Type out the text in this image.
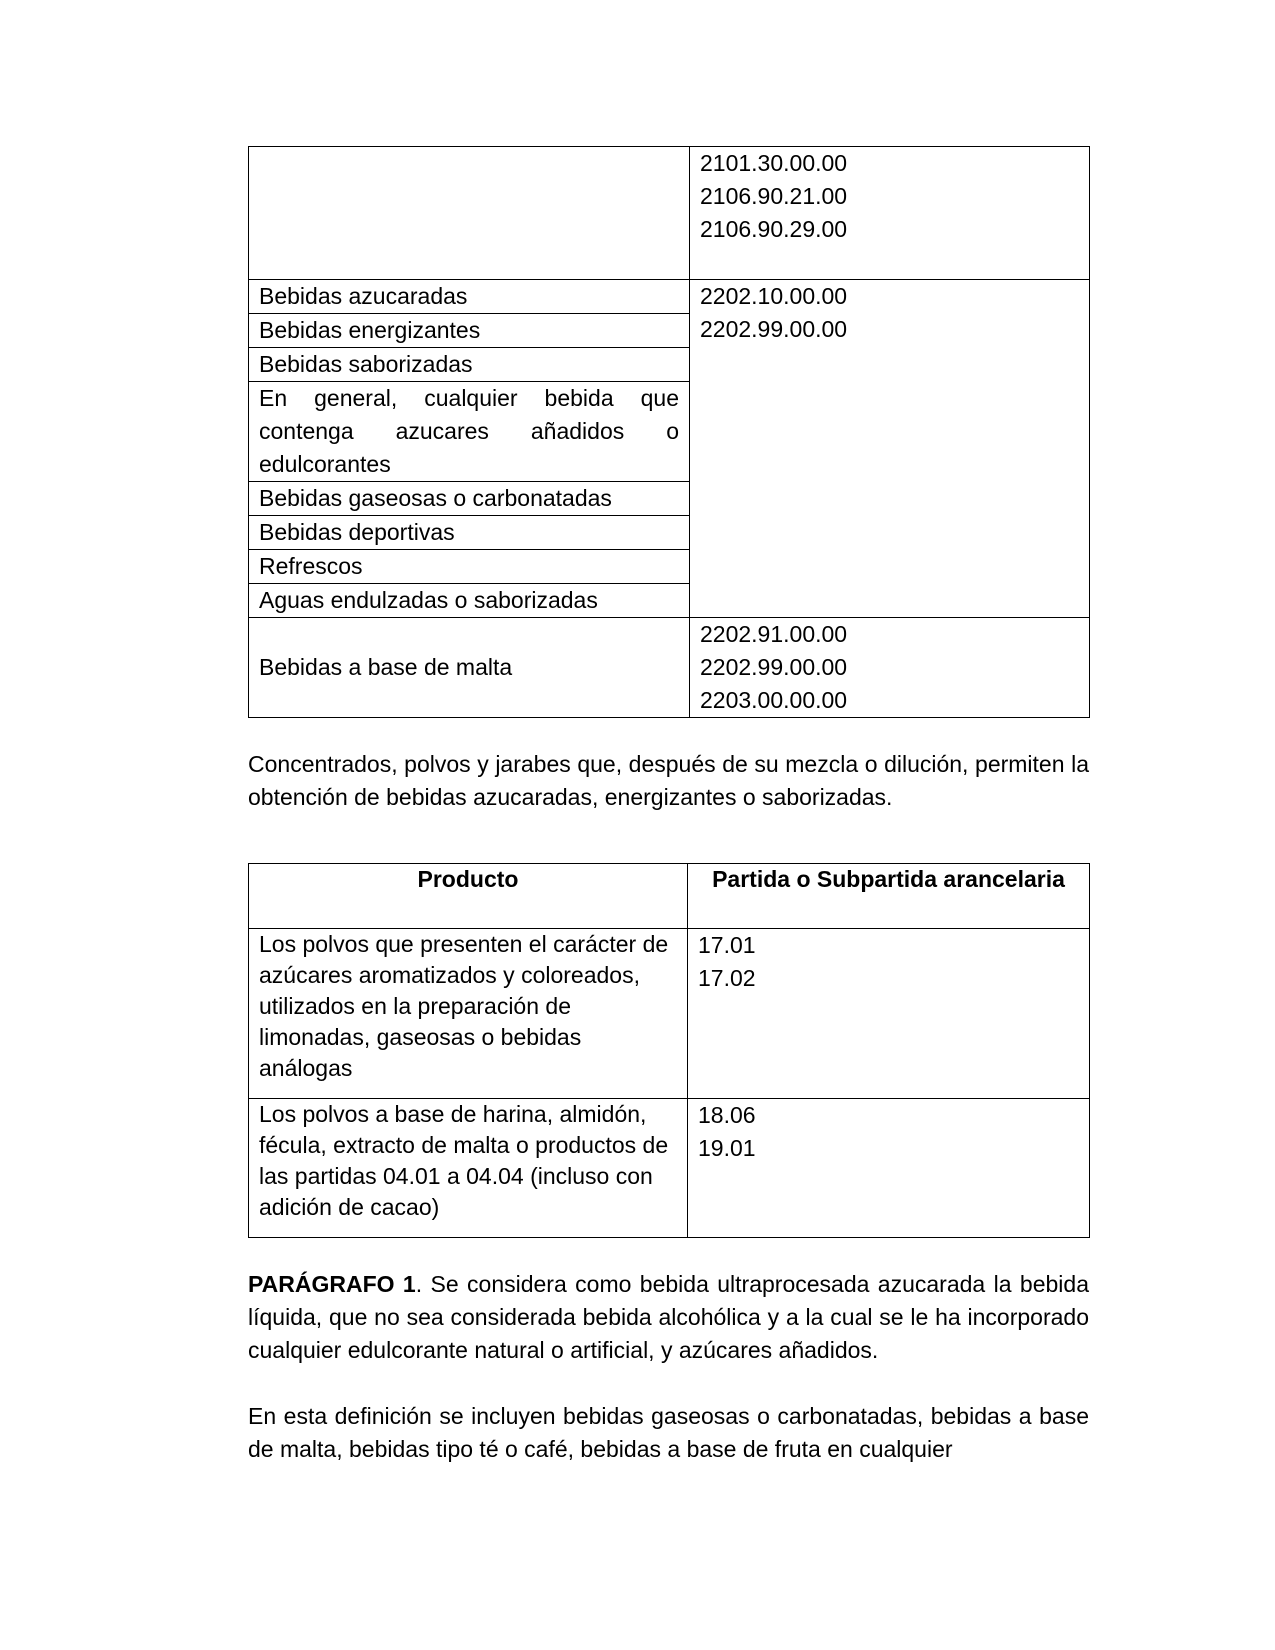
	2101.30.00.00
2106.90.21.00
2106.90.29.00

Bebidas azucaradas	2202.10.00.00
2202.99.00.00

Bebidas energizantes	
Bebidas saborizadas	
En general, cualquier bebida que contenga azucares añadidos o edulcorantes	
Bebidas gaseosas o carbonatadas	
Bebidas deportivas	
Refrescos	
Aguas endulzadas o saborizadas	
Bebidas a base de malta	2202.91.00.00
2202.99.00.00
2203.00.00.00

Concentrados, polvos y jarabes que, después de su mezcla o dilución, permiten la obtención de bebidas azucaradas, energizantes o saborizadas.

Producto	Partida o Subpartida arancelaria
Los polvos que presenten el carácter de azúcares aromatizados y coloreados, utilizados en la preparación de limonadas, gaseosas o bebidas análogas	17.01
17.02

Los polvos a base de harina, almidón, fécula, extracto de malta o productos de las partidas 04.01 a 04.04 (incluso con adición de cacao)	18.06
19.01

PARÁGRAFO 1. Se considera como bebida ultraprocesada azucarada la bebida líquida, que no sea considerada bebida alcohólica y a la cual se le ha incorporado cualquier edulcorante natural o artificial, y azúcares añadidos.

En esta definición se incluyen bebidas gaseosas o carbonatadas, bebidas a base de malta, bebidas tipo té o café, bebidas a base de fruta en cualquier
